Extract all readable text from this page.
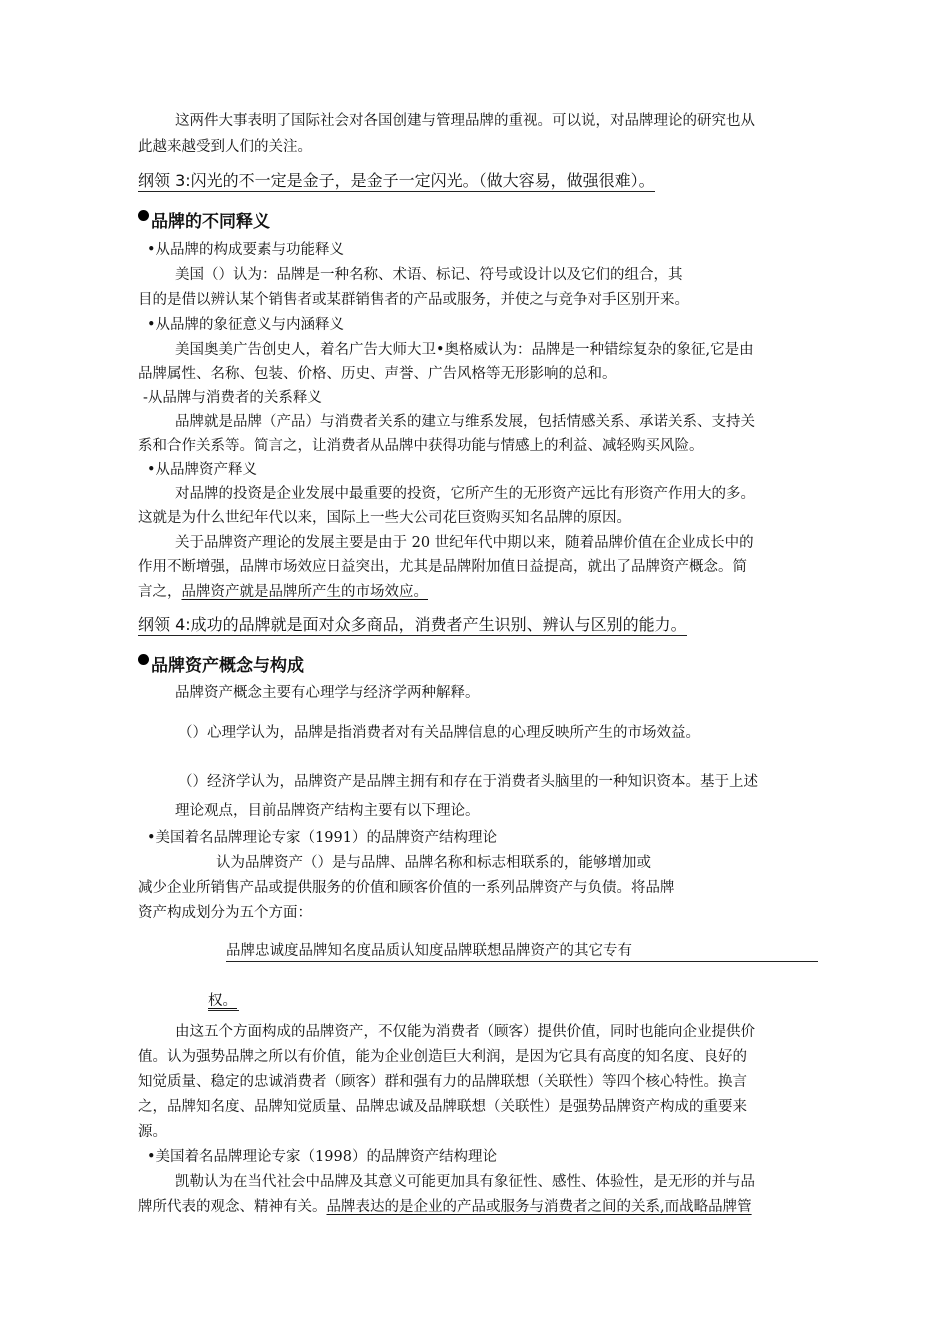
这两件大事表明了国际社会对各国创建与管理品牌的重视。可以说，对品牌理论的研究也从
此越来越受到人们的关注。
纲领 3:闪光的不一定是金子，是金子一定闪光。（做大容易，做强很难）。
品牌的不同释义
•从品牌的构成要素与功能释义
美国（）认为：品牌是一种名称、术语、标记、符号或设计以及它们的组合，其
目的是借以辨认某个销售者或某群销售者的产品或服务，并使之与竞争对手区别开来。
•从品牌的象征意义与内涵释义
美国奥美广告创史人，着名广告大师大卫•奥格威认为：品牌是一种错综复杂的象征,它是由
品牌属性、名称、包装、价格、历史、声誉、广告风格等无形影响的总和。
-从品牌与消费者的关系释义
品牌就是品牌（产品）与消费者关系的建立与维系发展，包括情感关系、承诺关系、支持关
系和合作关系等。简言之，让消费者从品牌中获得功能与情感上的利益、减轻购买风险。
•从品牌资产释义
对品牌的投资是企业发展中最重要的投资，它所产生的无形资产远比有形资产作用大的多。
这就是为什么世纪年代以来，国际上一些大公司花巨资购买知名品牌的原因。
关于品牌资产理论的发展主要是由于 20 世纪年代中期以来，随着品牌价值在企业成长中的
作用不断增强，品牌市场效应日益突出，尤其是品牌附加值日益提高，就出了品牌资产概念。简
言之，品牌资产就是品牌所产生的市场效应。
纲领 4:成功的品牌就是面对众多商品，消费者产生识别、辨认与区别的能力。
品牌资产概念与构成
品牌资产概念主要有心理学与经济学两种解释。
（）心理学认为，品牌是指消费者对有关品牌信息的心理反映所产生的市场效益。
（）经济学认为，品牌资产是品牌主拥有和存在于消费者头脑里的一种知识资本。基于上述
理论观点，目前品牌资产结构主要有以下理论。
•美国着名品牌理论专家（1991）的品牌资产结构理论
认为品牌资产（）是与品牌、品牌名称和标志相联系的，能够增加或
减少企业所销售产品或提供服务的价值和顾客价值的一系列品牌资产与负债。将品牌
资产构成划分为五个方面：
品牌忠诚度品牌知名度品质认知度品牌联想品牌资产的其它专有
权。
由这五个方面构成的品牌资产，不仅能为消费者（顾客）提供价值，同时也能向企业提供价
值。认为强势品牌之所以有价值，能为企业创造巨大利润，是因为它具有高度的知名度、良好的
知觉质量、稳定的忠诚消费者（顾客）群和强有力的品牌联想（关联性）等四个核心特性。换言
之，品牌知名度、品牌知觉质量、品牌忠诚及品牌联想（关联性）是强势品牌资产构成的重要来
源。
•美国着名品牌理论专家（1998）的品牌资产结构理论
凯勒认为在当代社会中品牌及其意义可能更加具有象征性、感性、体验性，是无形的并与品
牌所代表的观念、精神有关。品牌表达的是企业的产品或服务与消费者之间的关系,而战略品牌管
